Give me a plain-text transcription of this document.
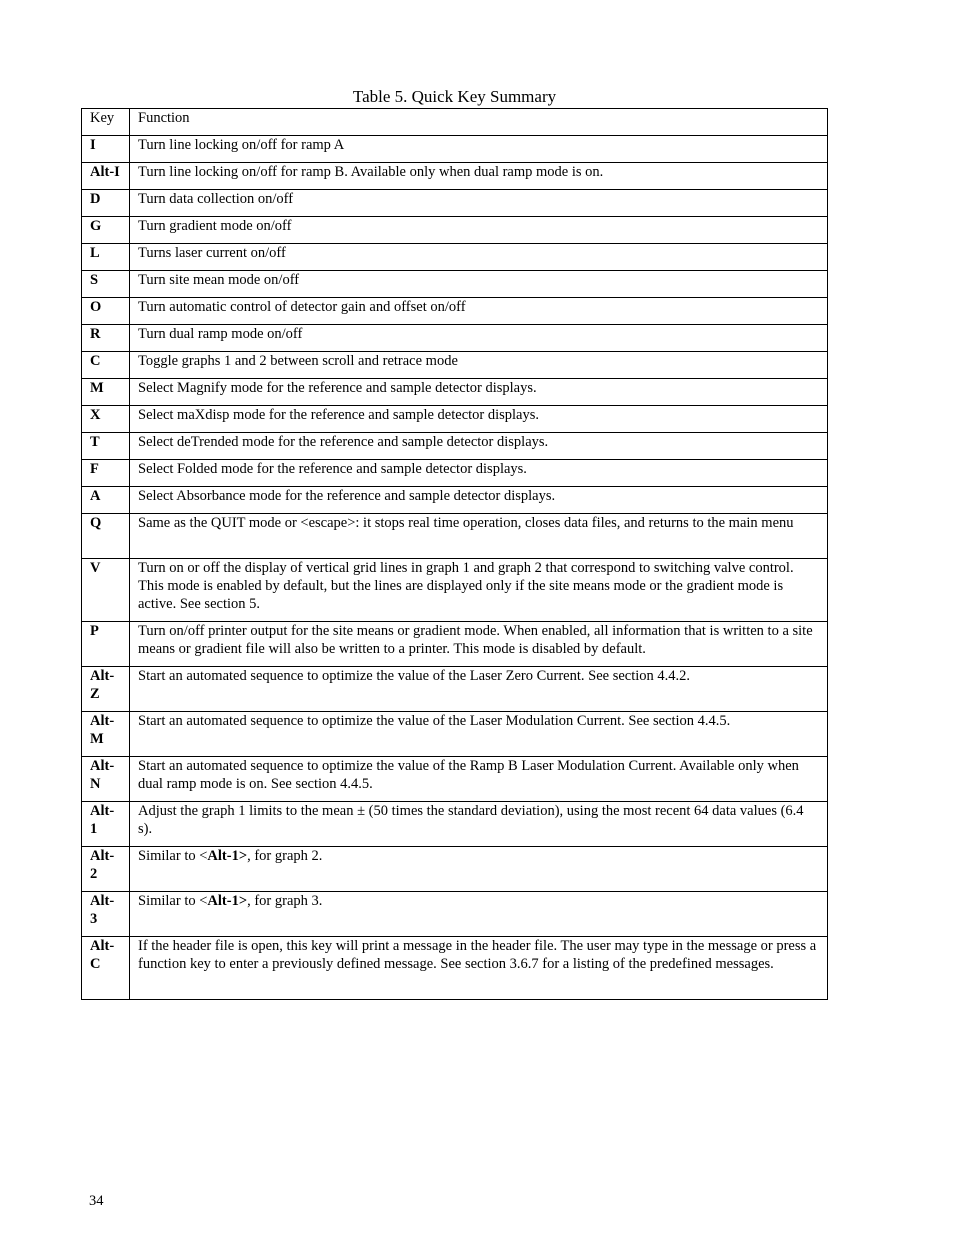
Table 5. Quick Key Summary
Key	Function
I	Turn line locking on/off for ramp A
Alt-I	Turn line locking on/off for ramp B. Available only when dual ramp mode is on.
D	Turn data collection on/off
G	Turn gradient mode on/off
L	Turns laser current on/off
S	Turn site mean mode on/off
O	Turn automatic control of detector gain and offset on/off
R	Turn dual ramp mode on/off
C	Toggle graphs 1 and 2 between scroll and retrace mode
M	Select Magnify mode for the reference and sample detector displays.
X	Select maXdisp mode for the reference and sample detector displays.
T	Select deTrended mode for the reference and sample detector displays.
F	Select Folded mode for the reference and sample detector displays.
A	Select Absorbance mode for the reference and sample detector displays.
Q	Same as the QUIT mode or <escape>: it stops real time operation, closes data files, and returns to the main menu
V	Turn on or off the display of vertical grid lines in graph 1 and graph 2 that correspond to switching valve control. This mode is enabled by default, but the lines are displayed only if the site means mode or the gradient mode is active. See section 5.
P	Turn on/off printer output for the site means or gradient mode. When enabled, all information that is written to a site means or gradient file will also be written to a printer. This mode is disabled by default.
Alt-Z	Start an automated sequence to optimize the value of the Laser Zero Current. See section 4.4.2.
Alt-M	Start an automated sequence to optimize the value of the Laser Modulation Current. See section 4.4.5.
Alt-N	Start an automated sequence to optimize the value of the Ramp B Laser Modulation Current. Available only when dual ramp mode is on. See section 4.4.5.
Alt-1	Adjust the graph 1 limits to the mean ± (50 times the standard deviation), using the most recent 64 data values (6.4 s).
Alt-2	Similar to <Alt-1>, for graph 2.
Alt-3	Similar to <Alt-1>, for graph 3.
Alt-C	If the header file is open, this key will print a message in the header file. The user may type in the message or press a function key to enter a previously defined message. See section 3.6.7 for a listing of the predefined messages.
34
